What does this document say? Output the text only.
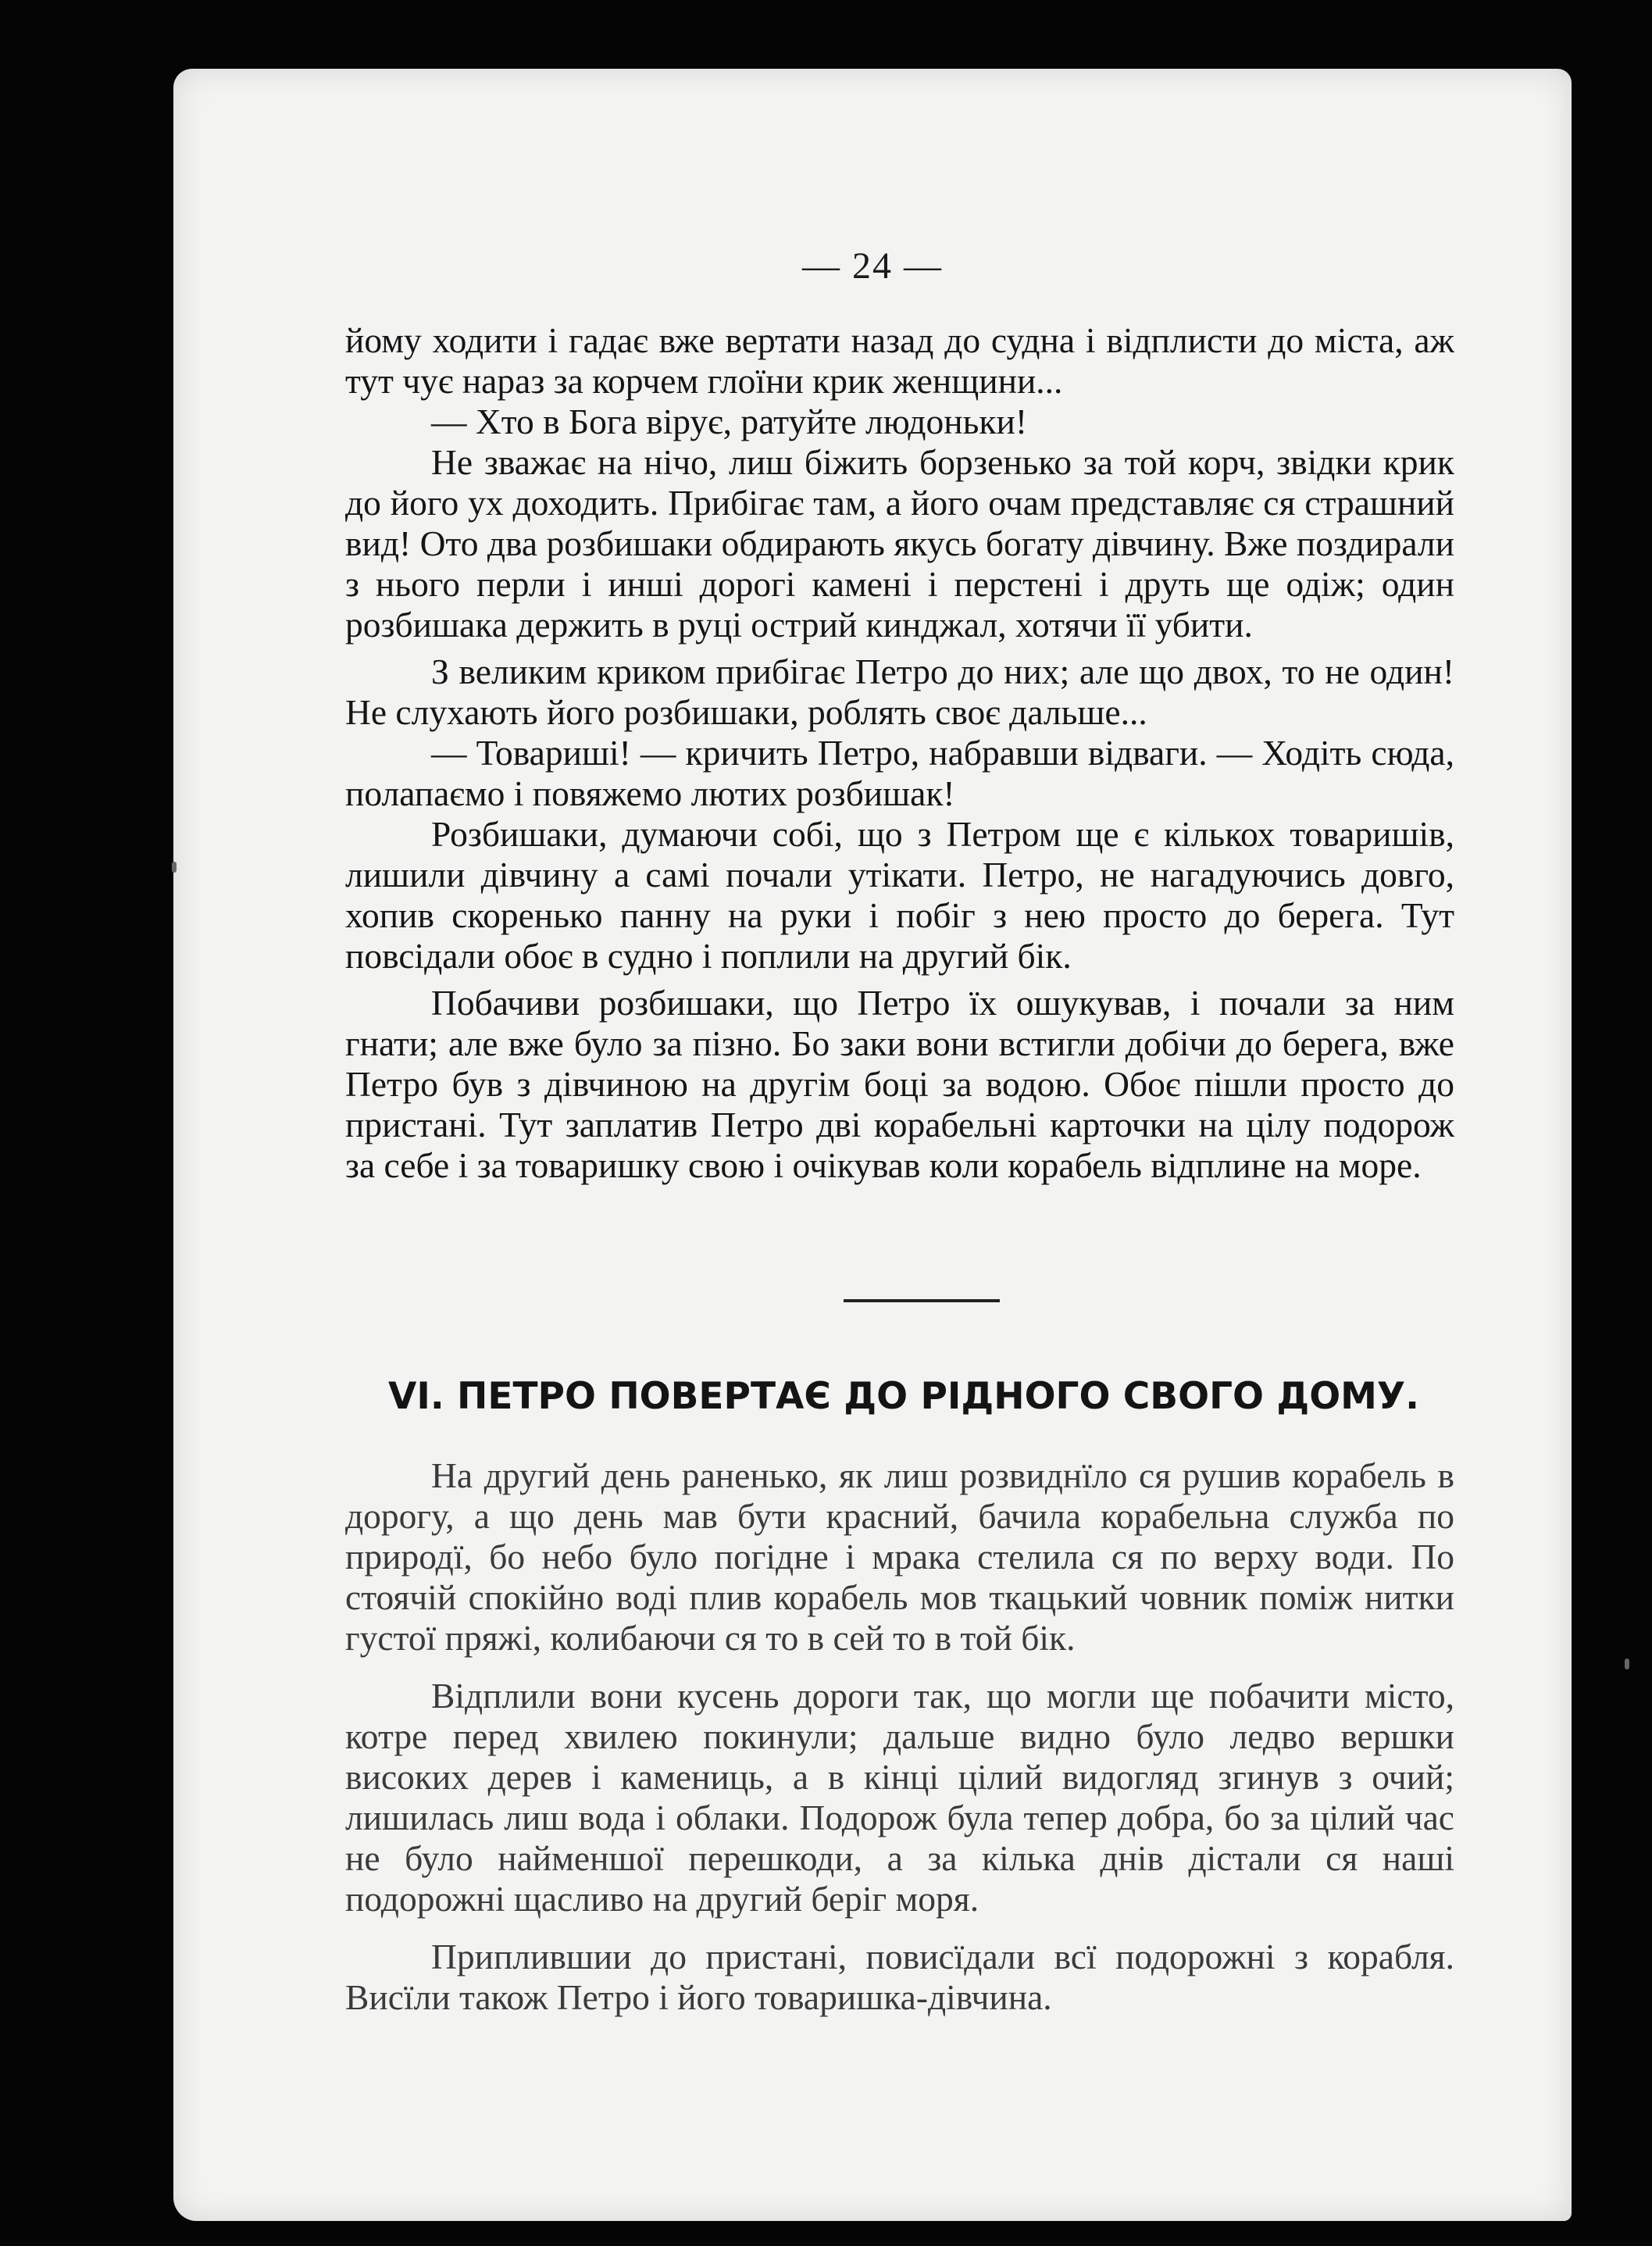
— 24 —

йому ходити і гадає вже вертати назад до судна і відплисти до міста, аж тут чує нараз за корчем глоїни крик женщини...

— Хто в Бога вірує, ратуйте людоньки!

Не зважає на нічо, лиш біжить борзенько за той корч, звідки крик до його ух доходить. Прибігає там, а його очам представляє ся страшний вид! Ото два розбишаки обдирають якусь богату дівчину. Вже поздирали з нього перли і инші дорогі камені і перстені і друть ще одіж; один розбишака держить в руці острий кинджал, хотячи її убити.

З великим криком прибігає Петро до них; але що двох, то не один! Не слухають його розбишаки, роблять своє дальше...

— Товариші! — кричить Петро, набравши відваги. — Ходіть сюда, полапаємо і повяжемо лютих розбишак!

Розбишаки, думаючи собі, що з Петром ще є кількох товаришів, лишили дівчину а самі почали утікати. Петро, не нагадуючись довго, хопив скоренько панну на руки і побіг з нею просто до берега. Тут повсідали обоє в судно і поплили на другий бік.

Побачиви розбишаки, що Петро їх ошукував, і почали за ним гнати; але вже було за пізно. Бо заки вони встигли добічи до берега, вже Петро був з дівчиною на другім боці за водою. Обоє пішли просто до пристані. Тут заплатив Петро дві корабельні карточки на цілу подорож за себе і за товаришку свою і очікував коли корабель відплине на море.

VI. ПЕТРО ПОВЕРТАЄ ДО РІДНОГО СВОГО ДОМУ.

На другий день раненько, як лиш розвиднїло ся рушив корабель в дорогу, а що день мав бути красний, бачила корабельна служба по природї, бо небо було погідне і мрака стелила ся по верху води. По стоячій спокійно воді плив корабель мов ткацький човник поміж нитки густої пряжі, колибаючи ся то в сей то в той бік.

Відплили вони кусень дороги так, що могли ще побачити місто, котре перед хвилею покинули; дальше видно було ледво вершки високих дерев і камениць, а в кінці цілий видогляд згинув з очий; лишилась лиш вода і облаки. Подорож була тепер добра, бо за цілий час не було найменшої перешкоди, а за кілька днів дістали ся наші подорожні щасливо на другий беріг моря.

Приплившии до пристані, повисїдали всї подорожні з корабля. Висїли також Петро і його товаришка-дівчина.
